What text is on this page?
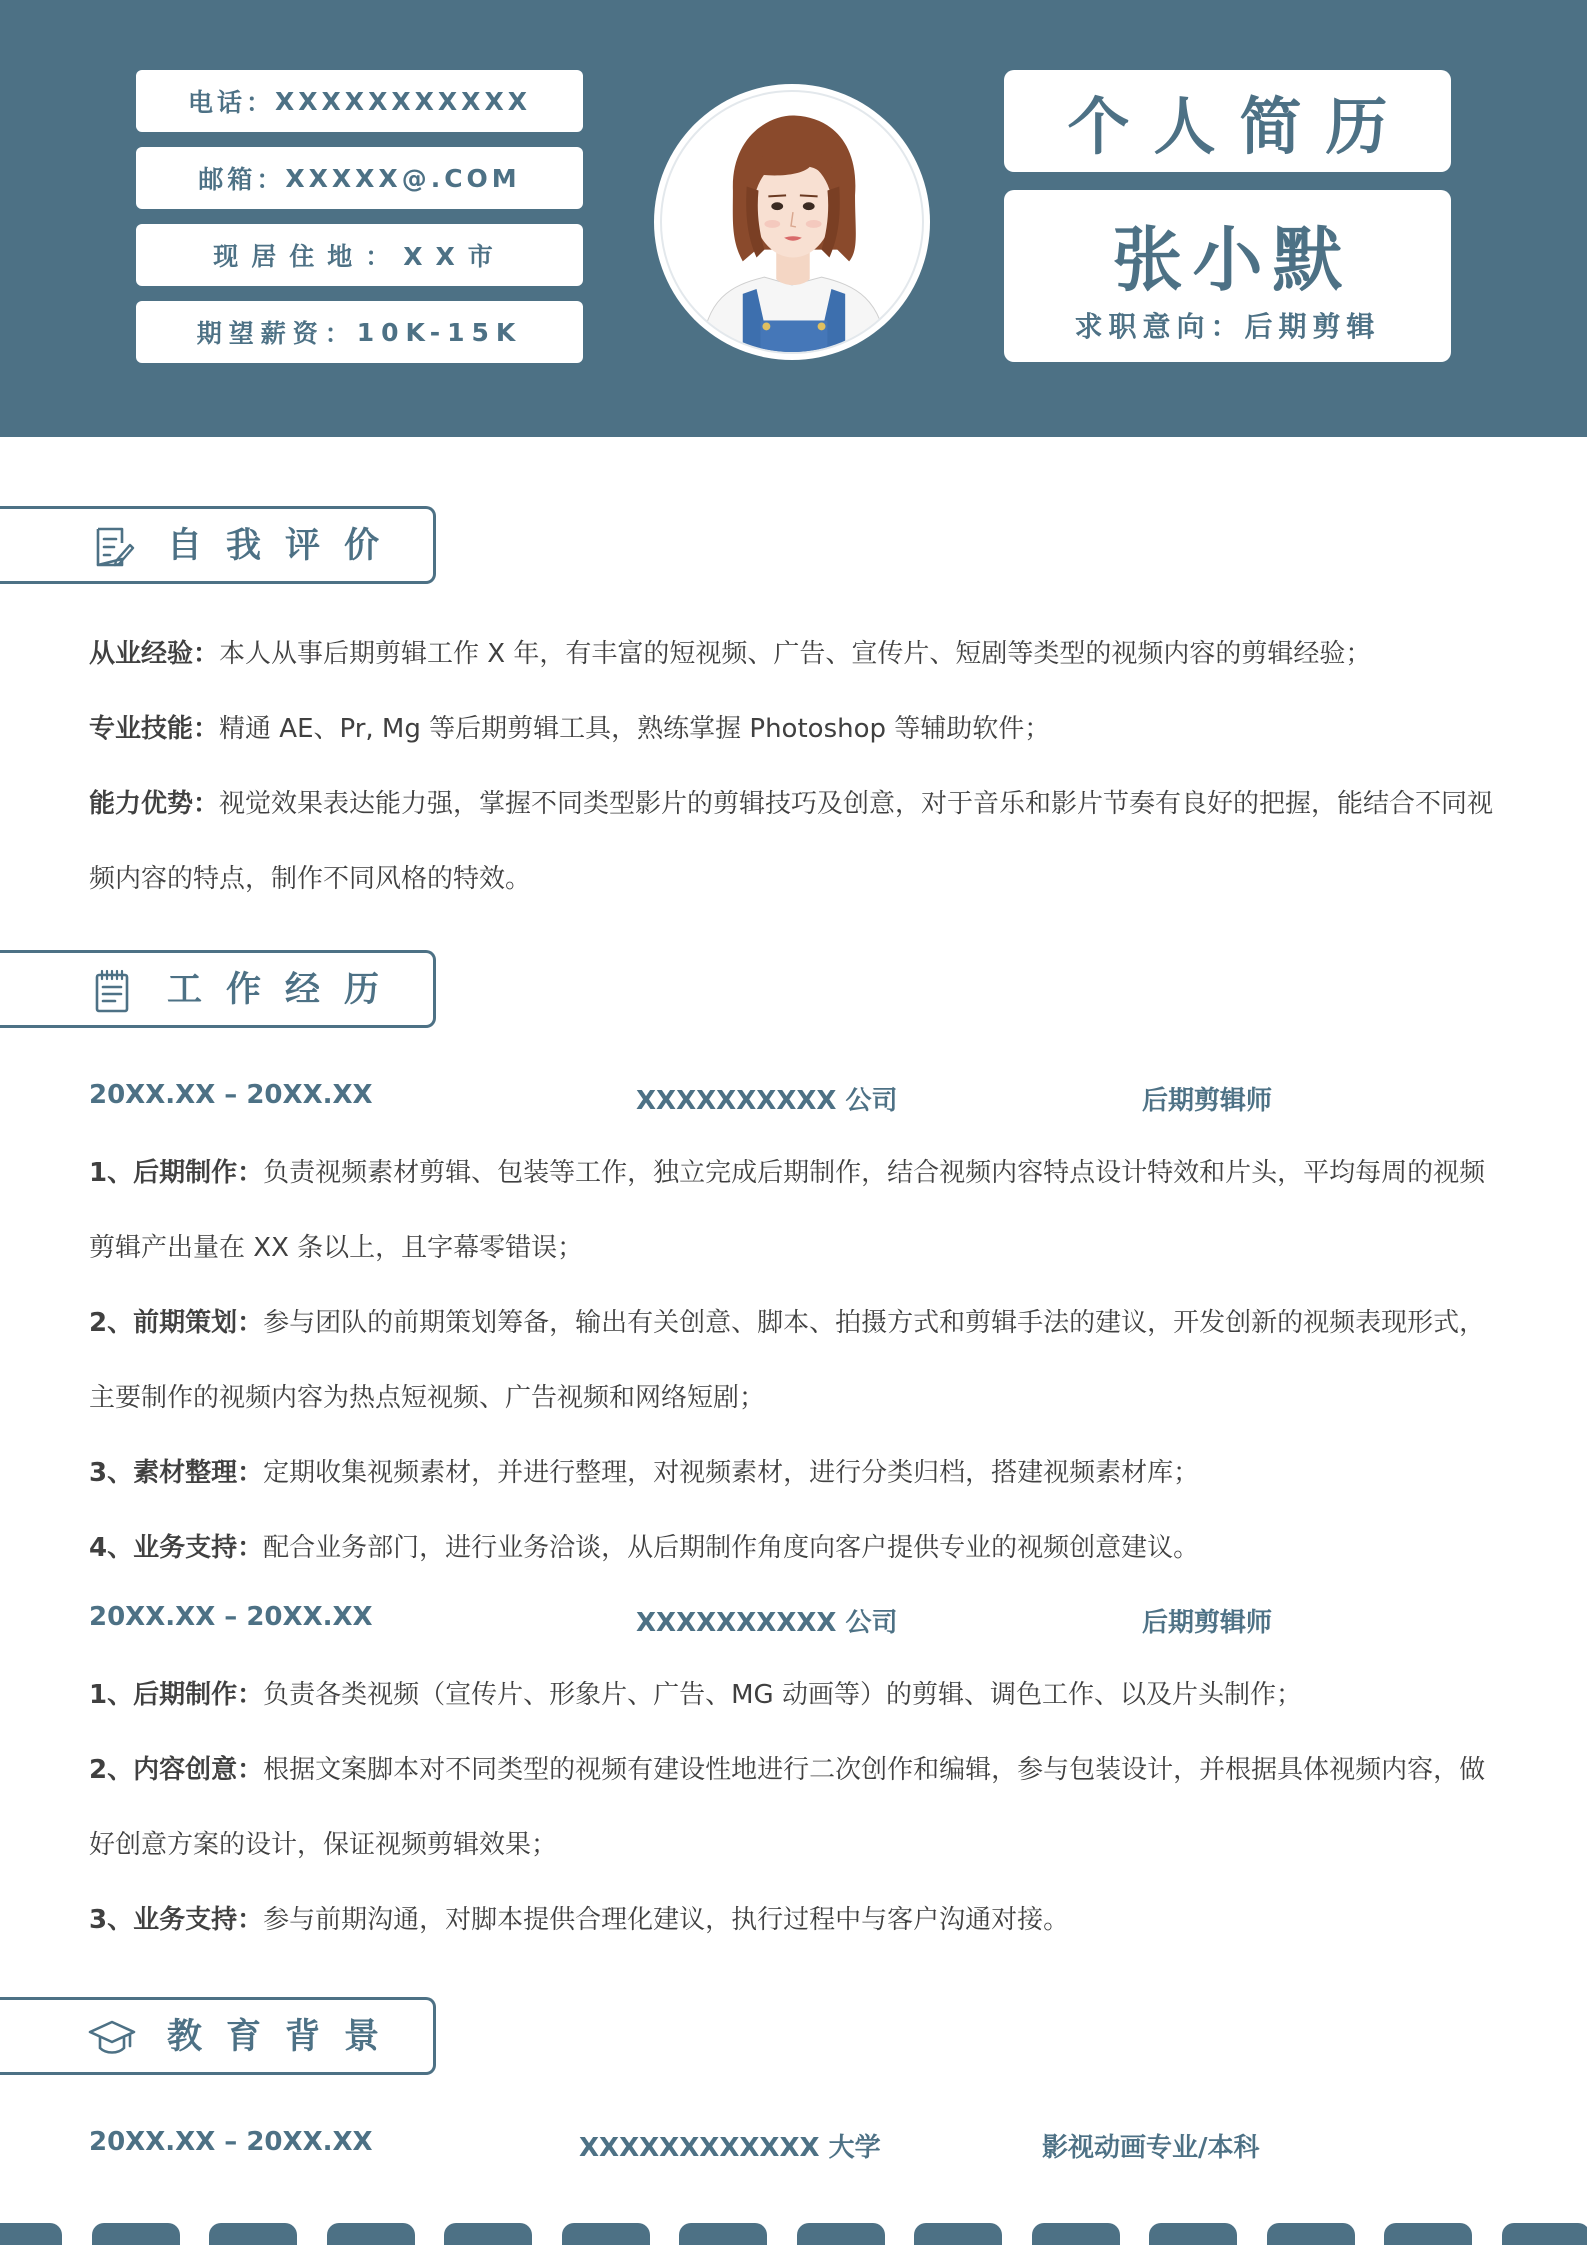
电话： XXXXXXXXXXX
邮箱： XXXXX@.COM
现居住地： XX市
期望薪资： 10K-15K
个人简历
张小默
求职意向：后期剪辑
自我评价
从业经验：本人从事后期剪辑工作 X 年，有丰富的短视频、广告、宣传片、短剧等类型的视频内容的剪辑经验；
专业技能：精通 AE、Pr, Mg 等后期剪辑工具，熟练掌握 Photoshop 等辅助软件；
能力优势：视觉效果表达能力强，掌握不同类型影片的剪辑技巧及创意，对于音乐和影片节奏有良好的把握，能结合不同视频内容的特点，制作不同风格的特效。
工作经历
20XX.XX – 20XX.XX	XXXXXXXXXX 公司	后期剪辑师
1、后期制作：负责视频素材剪辑、包装等工作，独立完成后期制作，结合视频内容特点设计特效和片头，平均每周的视频剪辑产出量在 XX 条以上，且字幕零错误；
2、前期策划：参与团队的前期策划筹备，输出有关创意、脚本、拍摄方式和剪辑手法的建议，开发创新的视频表现形式，主要制作的视频内容为热点短视频、广告视频和网络短剧；
3、素材整理：定期收集视频素材，并进行整理，对视频素材，进行分类归档，搭建视频素材库；
4、业务支持：配合业务部门，进行业务洽谈，从后期制作角度向客户提供专业的视频创意建议。
20XX.XX – 20XX.XX	XXXXXXXXXX 公司	后期剪辑师
1、后期制作：负责各类视频（宣传片、形象片、广告、MG 动画等）的剪辑、调色工作、以及片头制作；
2、内容创意：根据文案脚本对不同类型的视频有建设性地进行二次创作和编辑，参与包装设计，并根据具体视频内容，做好创意方案的设计，保证视频剪辑效果；
3、业务支持：参与前期沟通，对脚本提供合理化建议，执行过程中与客户沟通对接。
教育背景
20XX.XX – 20XX.XX	XXXXXXXXXXXX 大学	影视动画专业/本科
